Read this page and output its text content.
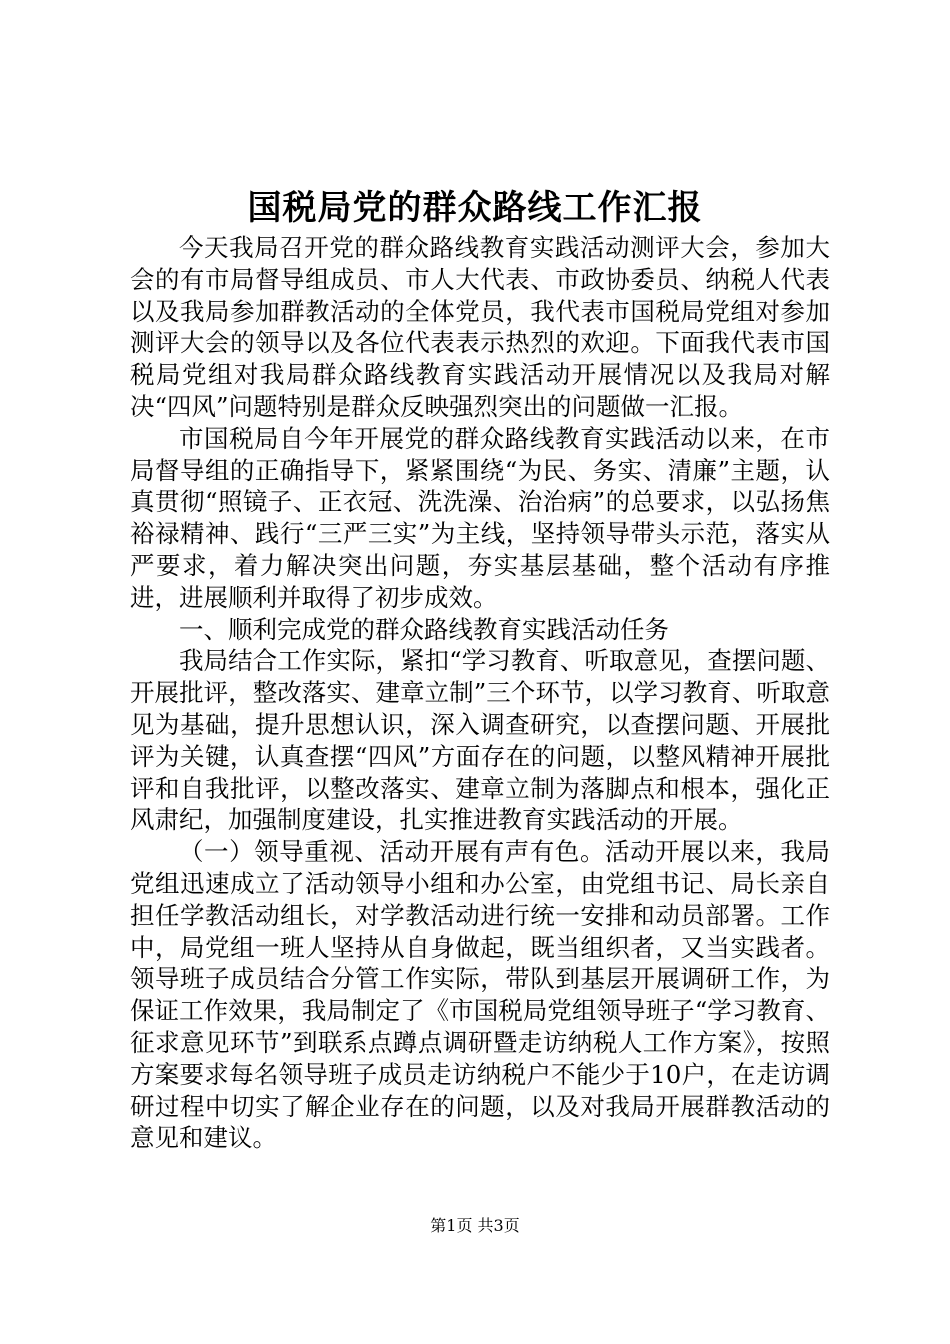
国税局党的群众路线工作汇报

今天我局召开党的群众路线教育实践活动测评大会，参加大会的有市局督导组成员、市人大代表、市政协委员、纳税人代表以及我局参加群教活动的全体党员，我代表市国税局党组对参加测评大会的领导以及各位代表表示热烈的欢迎。下面我代表市国税局党组对我局群众路线教育实践活动开展情况以及我局对解决“四风”问题特别是群众反映强烈突出的问题做一汇报。

市国税局自今年开展党的群众路线教育实践活动以来，在市局督导组的正确指导下，紧紧围绕“为民、务实、清廉”主题，认真贯彻“照镜子、正衣冠、洗洗澡、治治病”的总要求，以弘扬焦裕禄精神、践行“三严三实”为主线，坚持领导带头示范，落实从严要求，着力解决突出问题，夯实基层基础，整个活动有序推进，进展顺利并取得了初步成效。

一、顺利完成党的群众路线教育实践活动任务

我局结合工作实际，紧扣“学习教育、听取意见，查摆问题、开展批评，整改落实、建章立制”三个环节，以学习教育、听取意见为基础，提升思想认识，深入调查研究，以查摆问题、开展批评为关键，认真查摆“四风”方面存在的问题，以整风精神开展批评和自我批评，以整改落实、建章立制为落脚点和根本，强化正风肃纪，加强制度建设，扎实推进教育实践活动的开展。

（一）领导重视、活动开展有声有色。活动开展以来，我局党组迅速成立了活动领导小组和办公室，由党组书记、局长亲自担任学教活动组长，对学教活动进行统一安排和动员部署。工作中，局党组一班人坚持从自身做起，既当组织者，又当实践者。领导班子成员结合分管工作实际，带队到基层开展调研工作，为保证工作效果，我局制定了《市国税局党组领导班子“学习教育、征求意见环节”到联系点蹲点调研暨走访纳税人工作方案》，按照方案要求每名领导班子成员走访纳税户不能少于10户，在走访调研过程中切实了解企业存在的问题，以及对我局开展群教活动的意见和建议。

第1页 共3页
